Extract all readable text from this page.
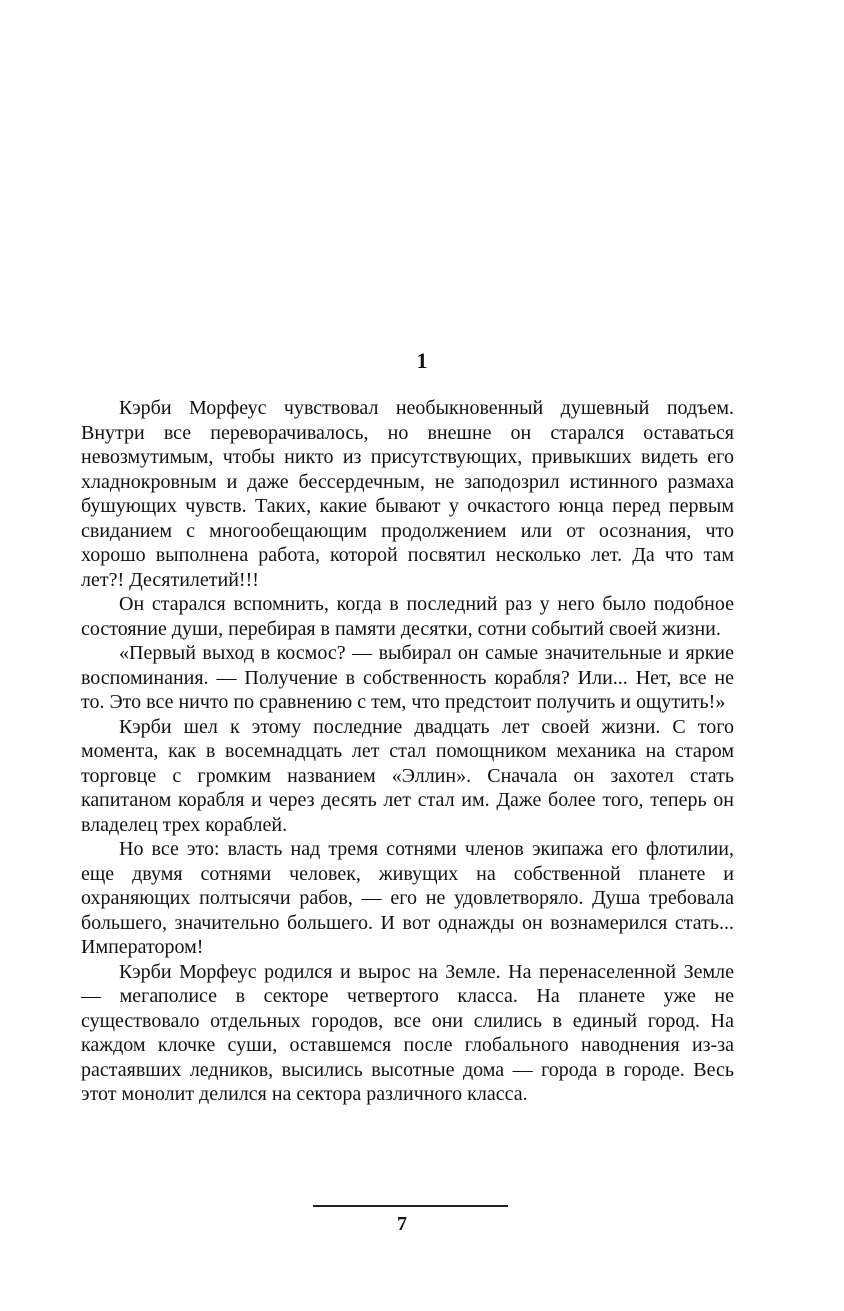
1

Кэрби Морфеус чувствовал необыкновенный душевный подъем. Внутри все переворачивалось, но внешне он старался оставаться невозмутимым, чтобы никто из присутствующих, привыкших видеть его хладнокровным и даже бессердечным, не заподозрил истинного размаха бушующих чувств. Таких, какие бывают у очкастого юнца перед первым свиданием с многообещающим продолжением или от осознания, что хорошо выполнена работа, которой посвятил несколько лет. Да что там лет?! Десятилетий!!!

Он старался вспомнить, когда в последний раз у него было подобное состояние души, перебирая в памяти десятки, сотни событий своей жизни.

«Первый выход в космос? — выбирал он самые значительные и яркие воспоминания. — Получение в собственность корабля? Или... Нет, все не то. Это все ничто по сравнению с тем, что предстоит получить и ощутить!»

Кэрби шел к этому последние двадцать лет своей жизни. С того момента, как в восемнадцать лет стал помощником механика на старом торговце с громким названием «Эллин». Сначала он захотел стать капитаном корабля и через десять лет стал им. Даже более того, теперь он владелец трех кораблей.

Но все это: власть над тремя сотнями членов экипажа его флотилии, еще двумя сотнями человек, живущих на собственной планете и охраняющих полтысячи рабов, — его не удовлетворяло. Душа требовала большего, значительно большего. И вот однажды он вознамерился стать... Императором!

Кэрби Морфеус родился и вырос на Земле. На перенаселенной Земле — мегаполисе в секторе четвертого класса. На планете уже не существовало отдельных городов, все они слились в единый город. На каждом клочке суши, оставшемся после глобального наводнения из-за растаявших ледников, высились высотные дома — города в городе. Весь этот монолит делился на сектора различного класса.

7
